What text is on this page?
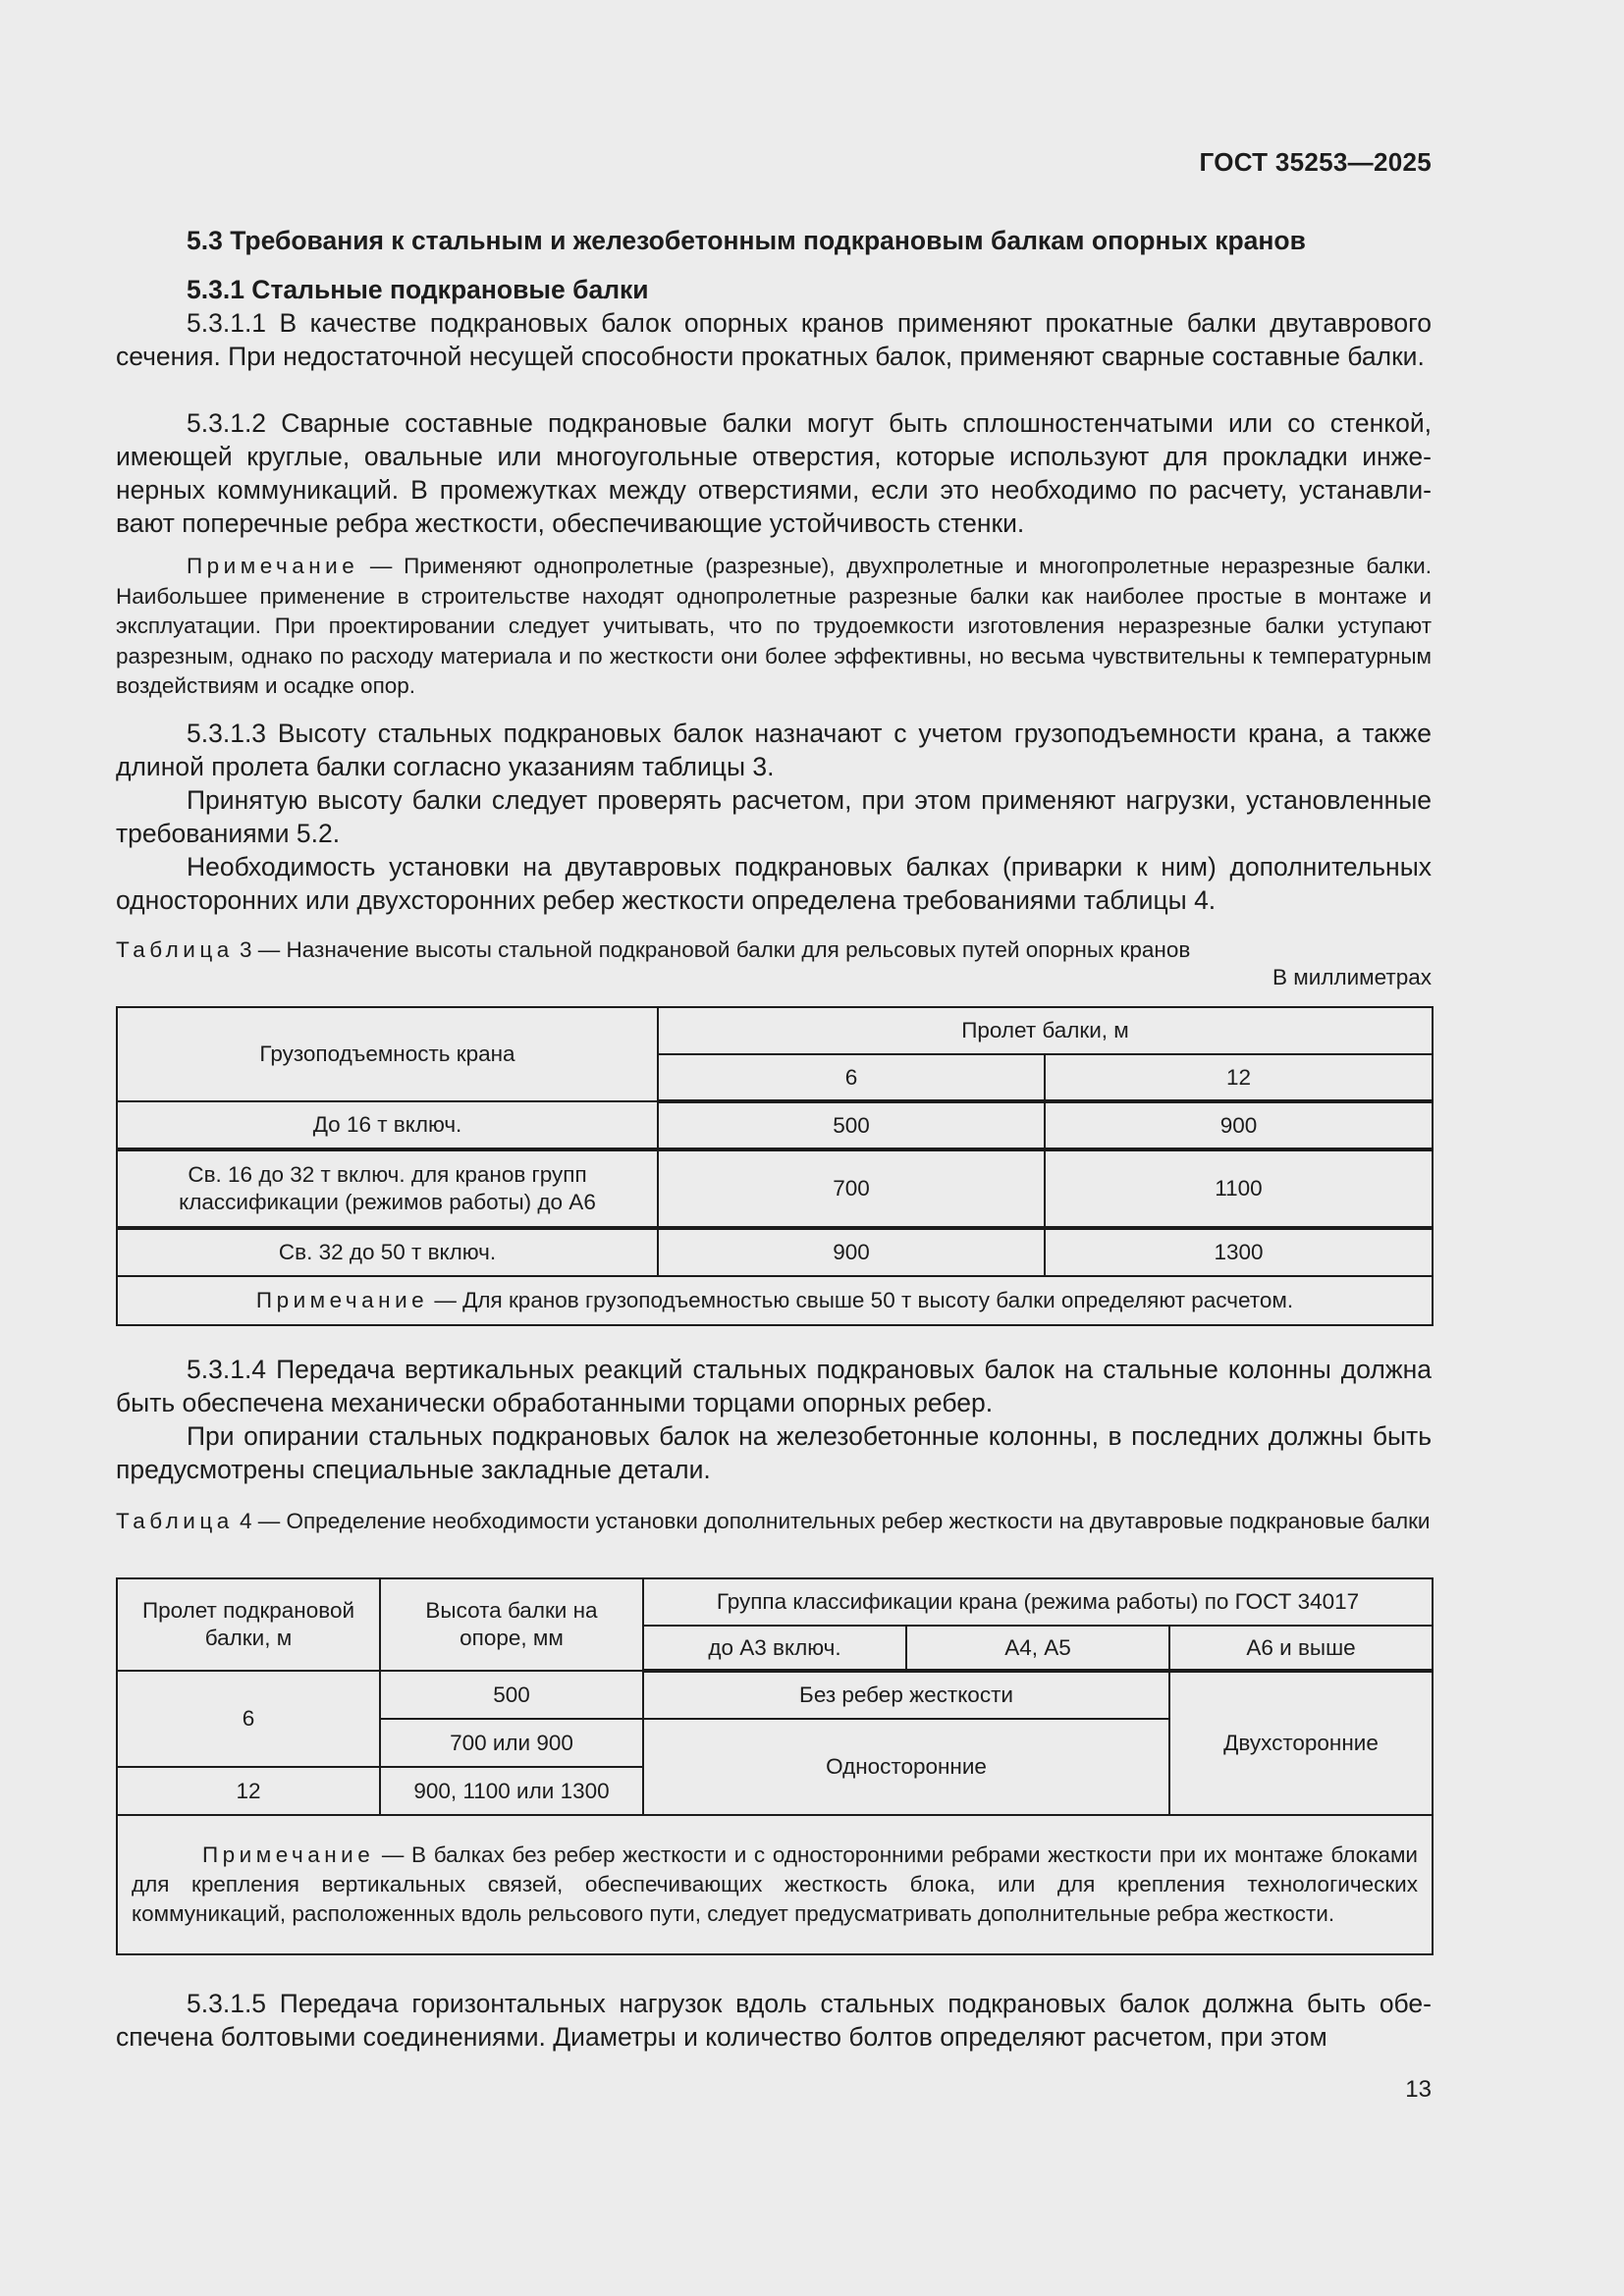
ГОСТ 35253—2025
5.3 Требования к стальным и железобетонным подкрановым балкам опорных кранов
5.3.1 Стальные подкрановые балки
5.3.1.1 В качестве подкрановых балок опорных кранов применяют прокатные балки двутаврового сечения. При недостаточной несущей способности прокатных балок, применяют сварные составные балки.
5.3.1.2 Сварные составные подкрановые балки могут быть сплошностенчатыми или со стенкой, имеющей круглые, овальные или многоугольные отверстия, которые используют для прокладки инженерных коммуникаций. В промежутках между отверстиями, если это необходимо по расчету, устанавливают поперечные ребра жесткости, обеспечивающие устойчивость стенки.
Примечание — Применяют однопролетные (разрезные), двухпролетные и многопролетные неразрезные балки. Наибольшее применение в строительстве находят однопролетные разрезные балки как наиболее простые в монтаже и эксплуатации. При проектировании следует учитывать, что по трудоемкости изготовления неразрезные балки уступают разрезным, однако по расходу материала и по жесткости они более эффективны, но весьма чувствительны к температурным воздействиям и осадке опор.
5.3.1.3 Высоту стальных подкрановых балок назначают с учетом грузоподъемности крана, а также длиной пролета балки согласно указаниям таблицы 3.
Принятую высоту балки следует проверять расчетом, при этом применяют нагрузки, установленные требованиями 5.2.
Необходимость установки на двутавровых подкрановых балках (приварки к ним) дополнительных односторонних или двухсторонних ребер жесткости определена требованиями таблицы 4.
Таблица 3 — Назначение высоты стальной подкрановой балки для рельсовых путей опорных кранов
В миллиметрах
Грузоподъемность крана	Пролет балки, м	
	6	12
До 16 т включ.	500	900
Св. 16 до 32 т включ. для кранов групп классификации (режимов работы) до А6	700	1100
Св. 32 до 50 т включ.	900	1300
Примечание — Для кранов грузоподъемностью свыше 50 т высоту балки определяют расчетом.		
5.3.1.4 Передача вертикальных реакций стальных подкрановых балок на стальные колонны должна быть обеспечена механически обработанными торцами опорных ребер.
При опирании стальных подкрановых балок на железобетонные колонны, в последних должны быть предусмотрены специальные закладные детали.
Таблица 4 — Определение необходимости установки дополнительных ребер жесткости на двутавровые подкрановые балки
Пролет подкрановой балки, м	Высота балки на опоре, мм	Группа классификации крана (режима работы) по ГОСТ 34017		
		до А3 включ.	А4, А5	А6 и выше
6	500	Без ребер жесткости		Двухсторонние
	700 или 900	Односторонние		
12	900, 1100 или 1300			
Примечание — В балках без ребер жесткости и с односторонними ребрами жесткости при их монтаже блоками для крепления вертикальных связей, обеспечивающих жесткость блока, или для крепления технологических коммуникаций, расположенных вдоль рельсового пути, следует предусматривать дополнительные ребра жесткости.				
5.3.1.5 Передача горизонтальных нагрузок вдоль стальных подкрановых балок должна быть обеспечена болтовыми соединениями. Диаметры и количество болтов определяют расчетом, при этом
13
